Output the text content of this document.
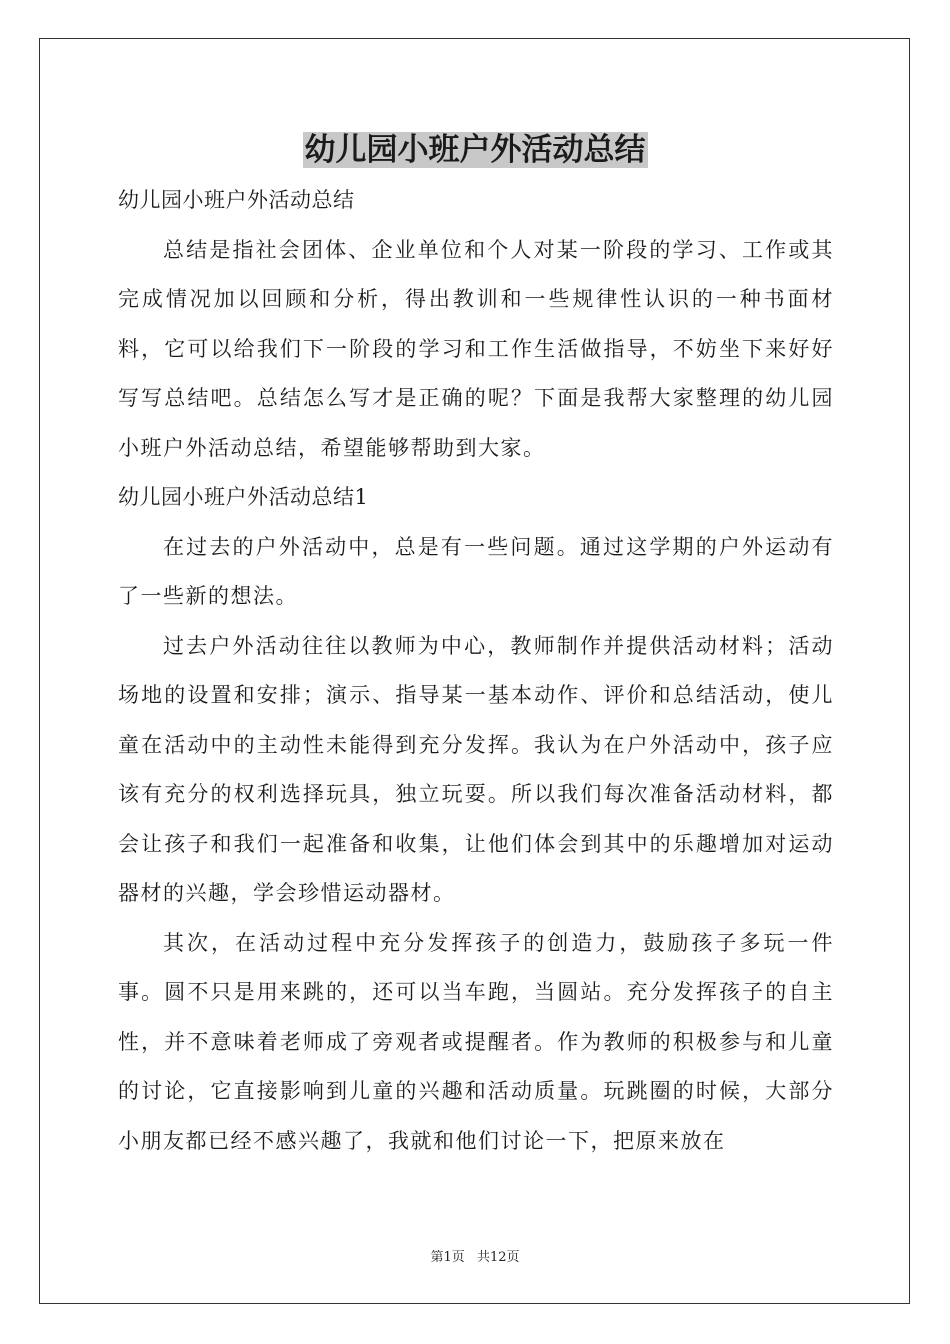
幼儿园小班户外活动总结

幼儿园小班户外活动总结

总结是指社会团体、企业单位和个人对某一阶段的学习、工作或其完成情况加以回顾和分析，得出教训和一些规律性认识的一种书面材料，它可以给我们下一阶段的学习和工作生活做指导，不妨坐下来好好写写总结吧。总结怎么写才是正确的呢？下面是我帮大家整理的幼儿园小班户外活动总结，希望能够帮助到大家。

幼儿园小班户外活动总结1

在过去的户外活动中，总是有一些问题。通过这学期的户外运动有了一些新的想法。

过去户外活动往往以教师为中心，教师制作并提供活动材料；活动场地的设置和安排；演示、指导某一基本动作、评价和总结活动，使儿童在活动中的主动性未能得到充分发挥。我认为在户外活动中，孩子应该有充分的权利选择玩具，独立玩耍。所以我们每次准备活动材料，都会让孩子和我们一起准备和收集，让他们体会到其中的乐趣增加对运动器材的兴趣，学会珍惜运动器材。

其次，在活动过程中充分发挥孩子的创造力，鼓励孩子多玩一件事。圆不只是用来跳的，还可以当车跑，当圆站。充分发挥孩子的自主性，并不意味着老师成了旁观者或提醒者。作为教师的积极参与和儿童的讨论，它直接影响到儿童的兴趣和活动质量。玩跳圈的时候，大部分小朋友都已经不感兴趣了，我就和他们讨论一下，把原来放在

第1页 共12页
